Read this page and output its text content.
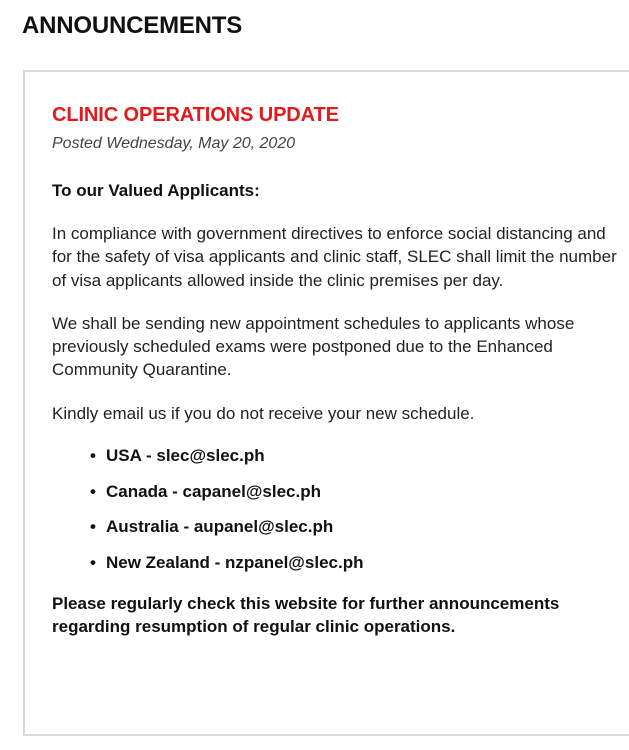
ANNOUNCEMENTS
CLINIC OPERATIONS UPDATE

Posted Wednesday, May 20, 2020

To our Valued Applicants:

In compliance with government directives to enforce social distancing and for the safety of visa applicants and clinic staff, SLEC shall limit the number of visa applicants allowed inside the clinic premises per day.

We shall be sending new appointment schedules to applicants whose previously scheduled exams were postponed due to the Enhanced Community Quarantine.

Kindly email us if you do not receive your new schedule.

• USA - slec@slec.ph
• Canada - capanel@slec.ph
• Australia - aupanel@slec.ph
• New Zealand - nzpanel@slec.ph

Please regularly check this website for further announcements regarding resumption of regular clinic operations.
